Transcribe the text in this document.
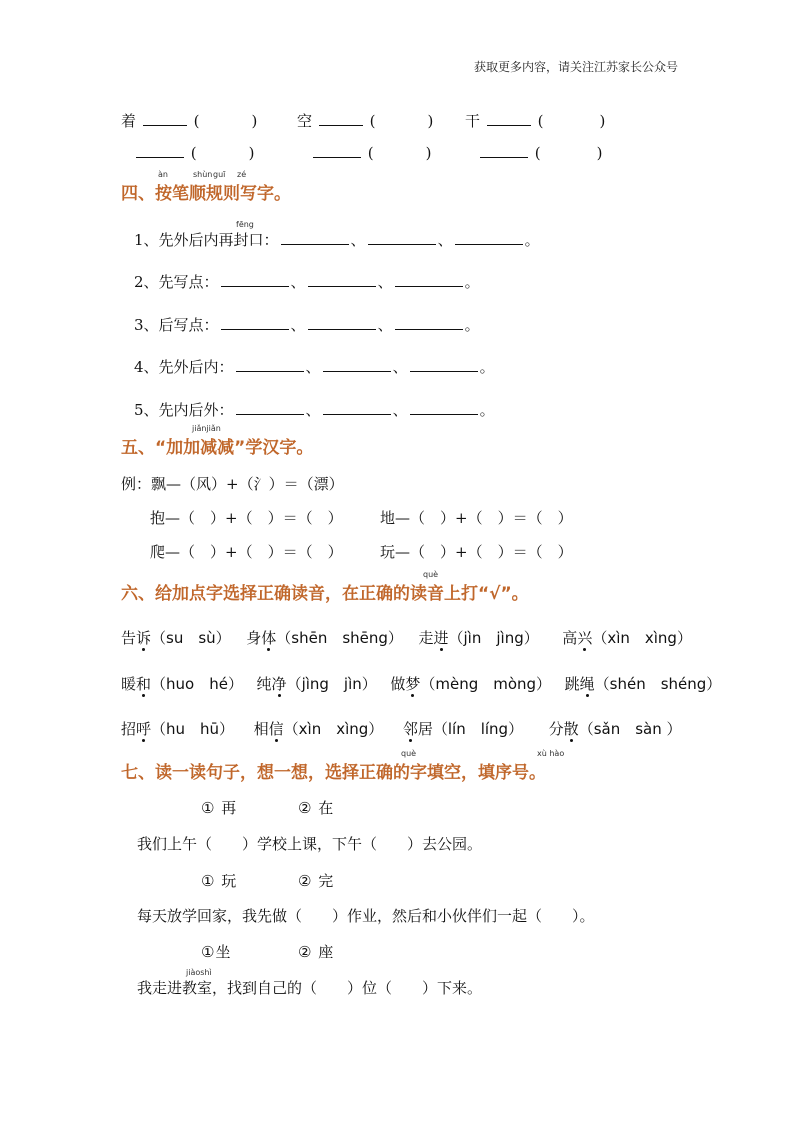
获取更多内容，请关注江苏家长公众号
着	(	)	空	(	) 干	(	)
(	)	(	)	(	)
àn	shùn guī zé
四、按笔顺规则写字。
fēng
1、先外后内再封口：	、	、	。
2、先写点：	、	、	。
3、后写点：	、	、	。
4、先外后内：	、	、	。
5、先内后外：	、	、	。
jiǎnjiǎn
五、“加加减减”学汉字。
例：飘—（风）+（氵）＝（漂）
抱—（　）+（　）＝（　） 地—（　）+（　）＝（　）
爬—（　）+（　）＝（　） 玩—（　）+（　）＝（　）
què
六、给加点字选择正确读音，在正确的读音上打“√”。
告诉（su　sù） 身体（shēn　shēng） 走进（jìn　jìng） 高兴（xìn　xìng）
暖和（huo　hé） 纯净（jìng　jìn） 做梦（mèng　mòng） 跳绳（shén　shéng）
招呼（hu　hū） 相信（xìn　xìng） 邻居（lín　líng） 分散（sǎn　sàn ）
què	xù hào
七、读一读句子，想一想，选择正确的字填空，填序号。
① 再	② 在
我们上午（　　）学校上课，下午（　　）去公园。
① 玩	② 完
每天放学回家，我先做（　　）作业，然后和小伙伴们一起（　　）。
①坐	② 座
jiàoshì
我走进教室，找到自己的（　　）位（　　）下来。
